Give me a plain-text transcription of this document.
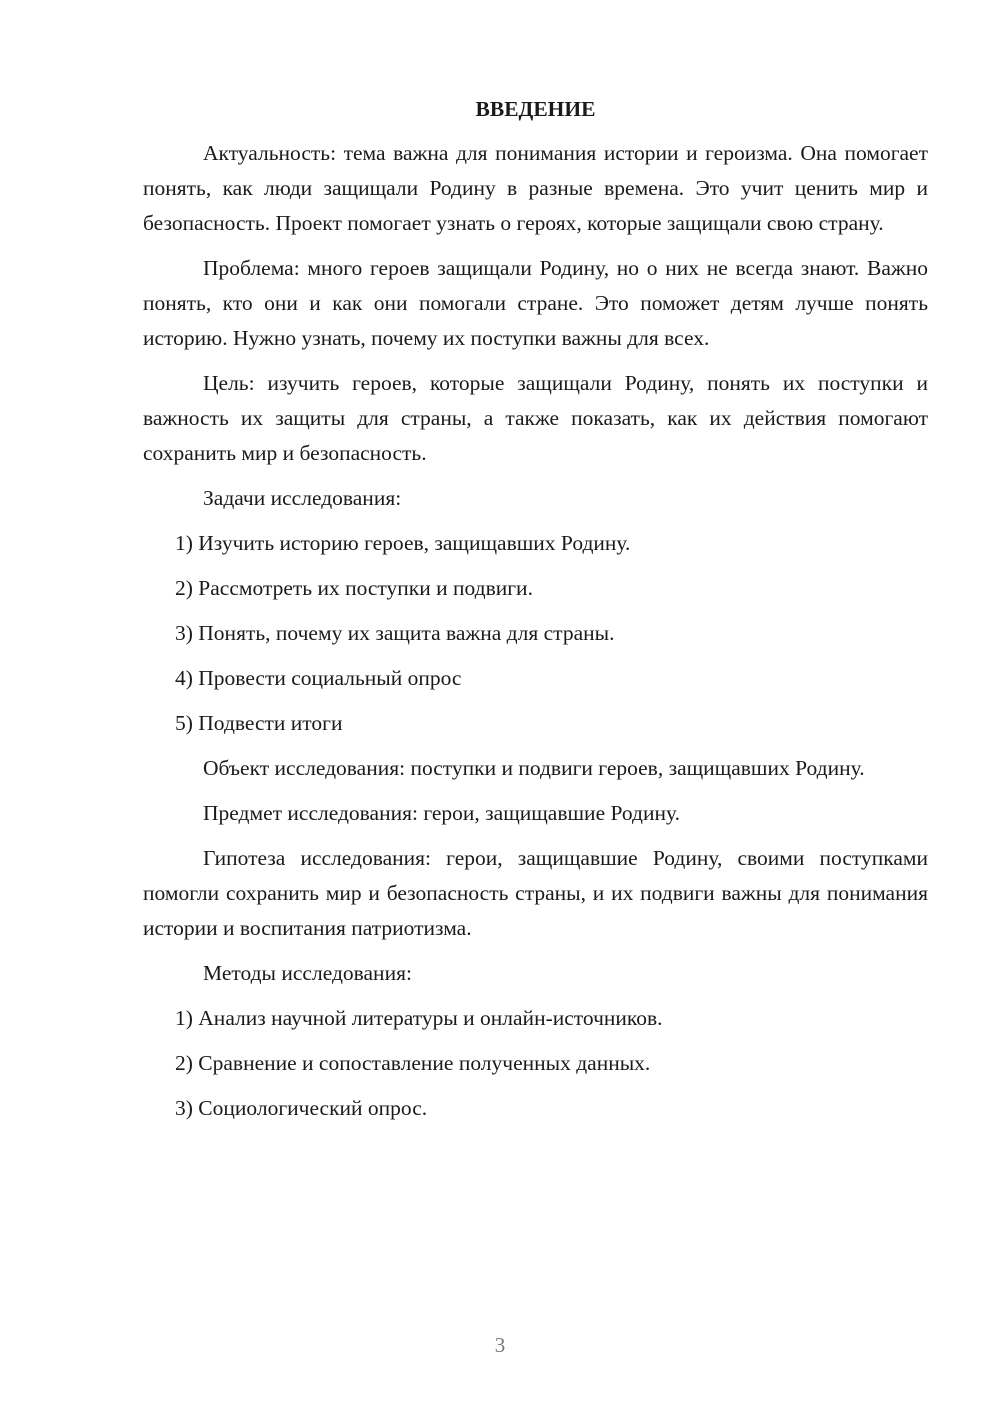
ВВЕДЕНИЕ

Актуальность: тема важна для понимания истории и героизма. Она помогает понять, как люди защищали Родину в разные времена. Это учит ценить мир и безопасность. Проект помогает узнать о героях, которые защищали свою страну.

Проблема: много героев защищали Родину, но о них не всегда знают. Важно понять, кто они и как они помогали стране. Это поможет детям лучше понять историю. Нужно узнать, почему их поступки важны для всех.

Цель: изучить героев, которые защищали Родину, понять их поступки и важность их защиты для страны, а также показать, как их действия помогают сохранить мир и безопасность.

Задачи исследования:

1) Изучить историю героев, защищавших Родину.
2) Рассмотреть их поступки и подвиги.
3) Понять, почему их защита важна для страны.
4) Провести социальный опрос
5) Подвести итоги

Объект исследования: поступки и подвиги героев, защищавших Родину.

Предмет исследования: герои, защищавшие Родину.

Гипотеза исследования: герои, защищавшие Родину, своими поступками помогли сохранить мир и безопасность страны, и их подвиги важны для понимания истории и воспитания патриотизма.

Методы исследования:

1) Анализ научной литературы и онлайн-источников.
2) Сравнение и сопоставление полученных данных.
3) Социологический опрос.
3
